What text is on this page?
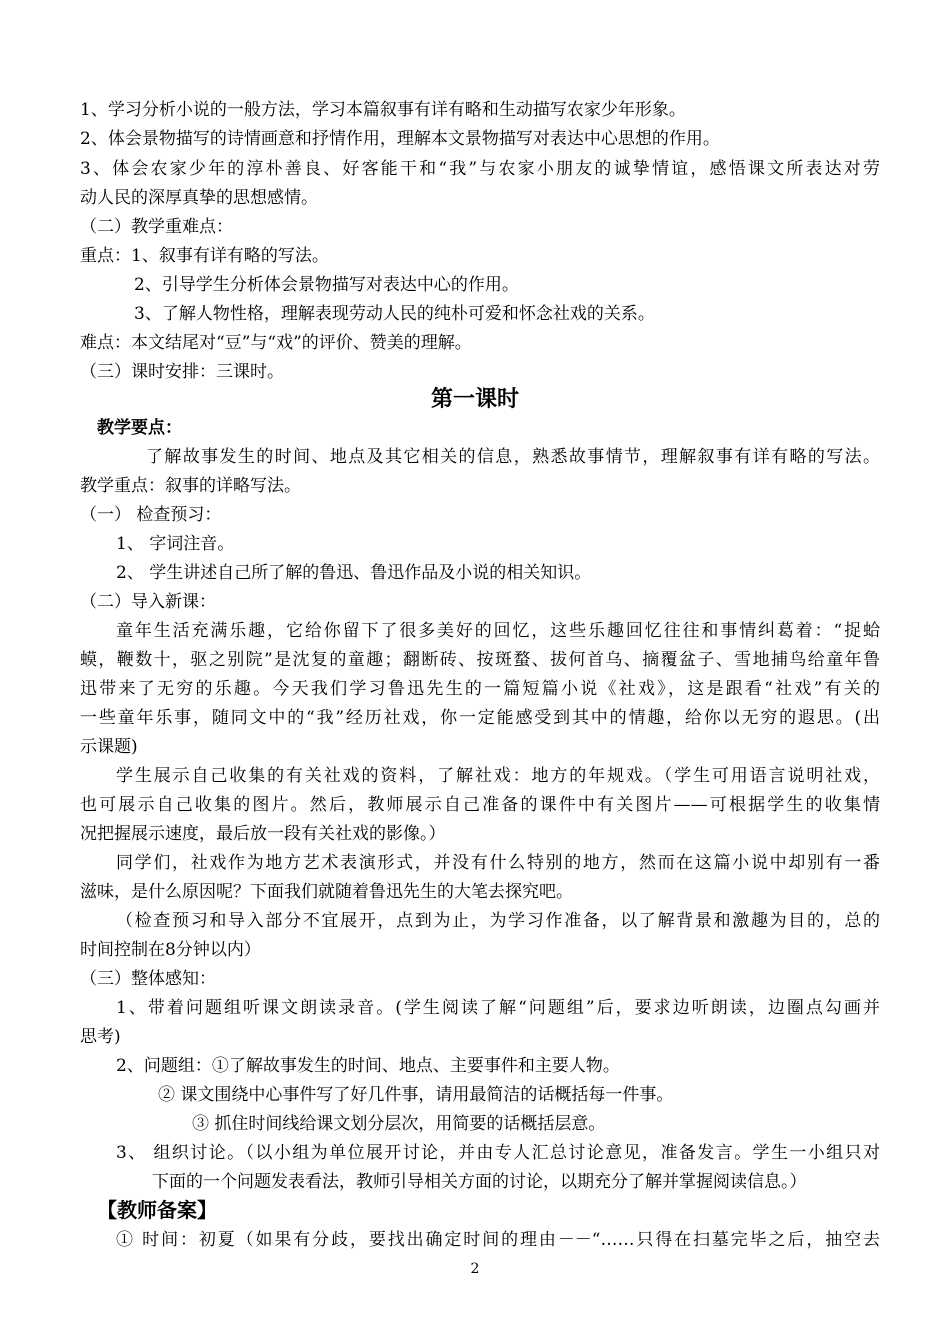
1、学习分析小说的一般方法，学习本篇叙事有详有略和生动描写农家少年形象。
2、体会景物描写的诗情画意和抒情作用，理解本文景物描写对表达中心思想的作用。
3、体会农家少年的淳朴善良、好客能干和“我”与农家小朋友的诚挚情谊，感悟课文所表达对劳
动人民的深厚真挚的思想感情。
（二）教学重难点：
重点：1、叙事有详有略的写法。
2、引导学生分析体会景物描写对表达中心的作用。
3、了解人物性格，理解表现劳动人民的纯朴可爱和怀念社戏的关系。
难点：本文结尾对“豆”与“戏”的评价、赞美的理解。
（三）课时安排：三课时。
第一课时
教学要点：
了解故事发生的时间、地点及其它相关的信息，熟悉故事情节，理解叙事有详有略的写法。
教学重点：叙事的详略写法。
（一） 检查预习：
1、 字词注音。
2、 学生讲述自己所了解的鲁迅、鲁迅作品及小说的相关知识。
（二）导入新课：
童年生活充满乐趣，它给你留下了很多美好的回忆，这些乐趣回忆往往和事情纠葛着：“捉蛤
蟆，鞭数十，驱之别院”是沈复的童趣；翻断砖、按斑蝥、拔何首乌、摘覆盆子、雪地捕鸟给童年鲁
迅带来了无穷的乐趣。今天我们学习鲁迅先生的一篇短篇小说《社戏》，这是跟看“社戏”有关的
一些童年乐事，随同文中的“我”经历社戏，你一定能感受到其中的情趣，给你以无穷的遐思。(出
示课题)
学生展示自己收集的有关社戏的资料，了解社戏：地方的年规戏。（学生可用语言说明社戏，
也可展示自己收集的图片。然后，教师展示自己准备的课件中有关图片——可根据学生的收集情
况把握展示速度，最后放一段有关社戏的影像。）
同学们，社戏作为地方艺术表演形式，并没有什么特别的地方，然而在这篇小说中却别有一番
滋味，是什么原因呢？下面我们就随着鲁迅先生的大笔去探究吧。
（检查预习和导入部分不宜展开，点到为止，为学习作准备，以了解背景和激趣为目的，总的
时间控制在8分钟以内）
（三）整体感知：
1、带着问题组听课文朗读录音。(学生阅读了解“问题组”后，要求边听朗读，边圈点勾画并
思考)
2、问题组：①了解故事发生的时间、地点、主要事件和主要人物。
② 课文围绕中心事件写了好几件事，请用最简洁的话概括每一件事。
③ 抓住时间线给课文划分层次，用简要的话概括层意。
3、 组织讨论。（以小组为单位展开讨论，并由专人汇总讨论意见，准备发言。学生一小组只对
下面的一个问题发表看法，教师引导相关方面的讨论，以期充分了解并掌握阅读信息。）
【教师备案】
① 时间：初夏（如果有分歧，要找出确定时间的理由－－“……只得在扫墓完毕之后，抽空去
2
